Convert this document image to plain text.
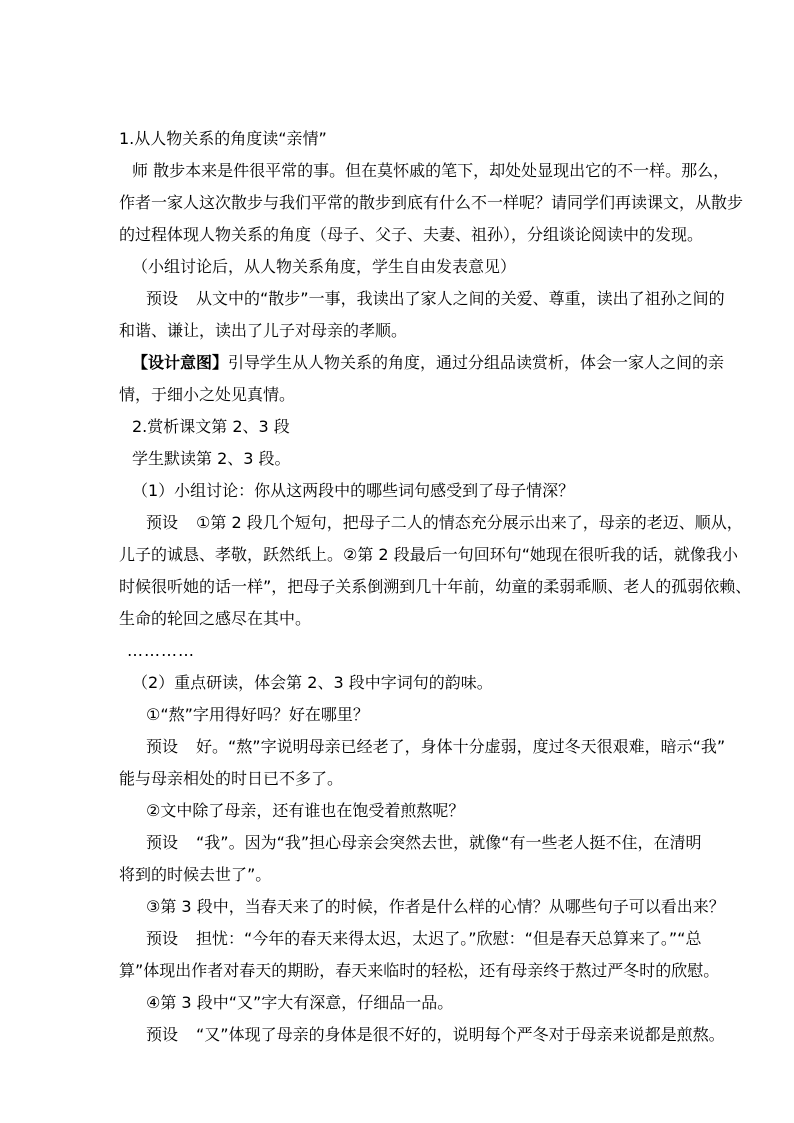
1.从人物关系的角度读“亲情”

师 散步本来是件很平常的事。但在莫怀戚的笔下，却处处显现出它的不一样。那么，

作者一家人这次散步与我们平常的散步到底有什么不一样呢？请同学们再读课文，从散步

的过程体现人物关系的角度（母子、父子、夫妻、祖孙），分组谈论阅读中的发现。

（小组讨论后，从人物关系角度，学生自由发表意见）

预设 从文中的“散步”一事，我读出了家人之间的关爱、尊重，读出了祖孙之间的

和谐、谦让，读出了儿子对母亲的孝顺。

【设计意图】引导学生从人物关系的角度，通过分组品读赏析，体会一家人之间的亲

情，于细小之处见真情。

2.赏析课文第 2、3 段

学生默读第 2、3 段。

（1）小组讨论：你从这两段中的哪些词句感受到了母子情深？

预设 ①第 2 段几个短句，把母子二人的情态充分展示出来了，母亲的老迈、顺从，

儿子的诚恳、孝敬，跃然纸上。②第 2 段最后一句回环句“她现在很听我的话，就像我小

时候很听她的话一样”，把母子关系倒溯到几十年前，幼童的柔弱乖顺、老人的孤弱依赖、

生命的轮回之感尽在其中。

…………

（2）重点研读，体会第 2、3 段中字词句的韵味。

①“熬”字用得好吗？好在哪里？

预设 好。“熬”字说明母亲已经老了，身体十分虚弱，度过冬天很艰难，暗示“我”

能与母亲相处的时日已不多了。

②文中除了母亲，还有谁也在饱受着煎熬呢？

预设 “我”。因为“我”担心母亲会突然去世，就像“有一些老人挺不住，在清明

将到的时候去世了”。

③第 3 段中，当春天来了的时候，作者是什么样的心情？从哪些句子可以看出来？

预设 担忧：“今年的春天来得太迟，太迟了。”欣慰：“但是春天总算来了。”“总

算”体现出作者对春天的期盼，春天来临时的轻松，还有母亲终于熬过严冬时的欣慰。

④第 3 段中“又”字大有深意，仔细品一品。

预设 “又”体现了母亲的身体是很不好的，说明每个严冬对于母亲来说都是煎熬。
